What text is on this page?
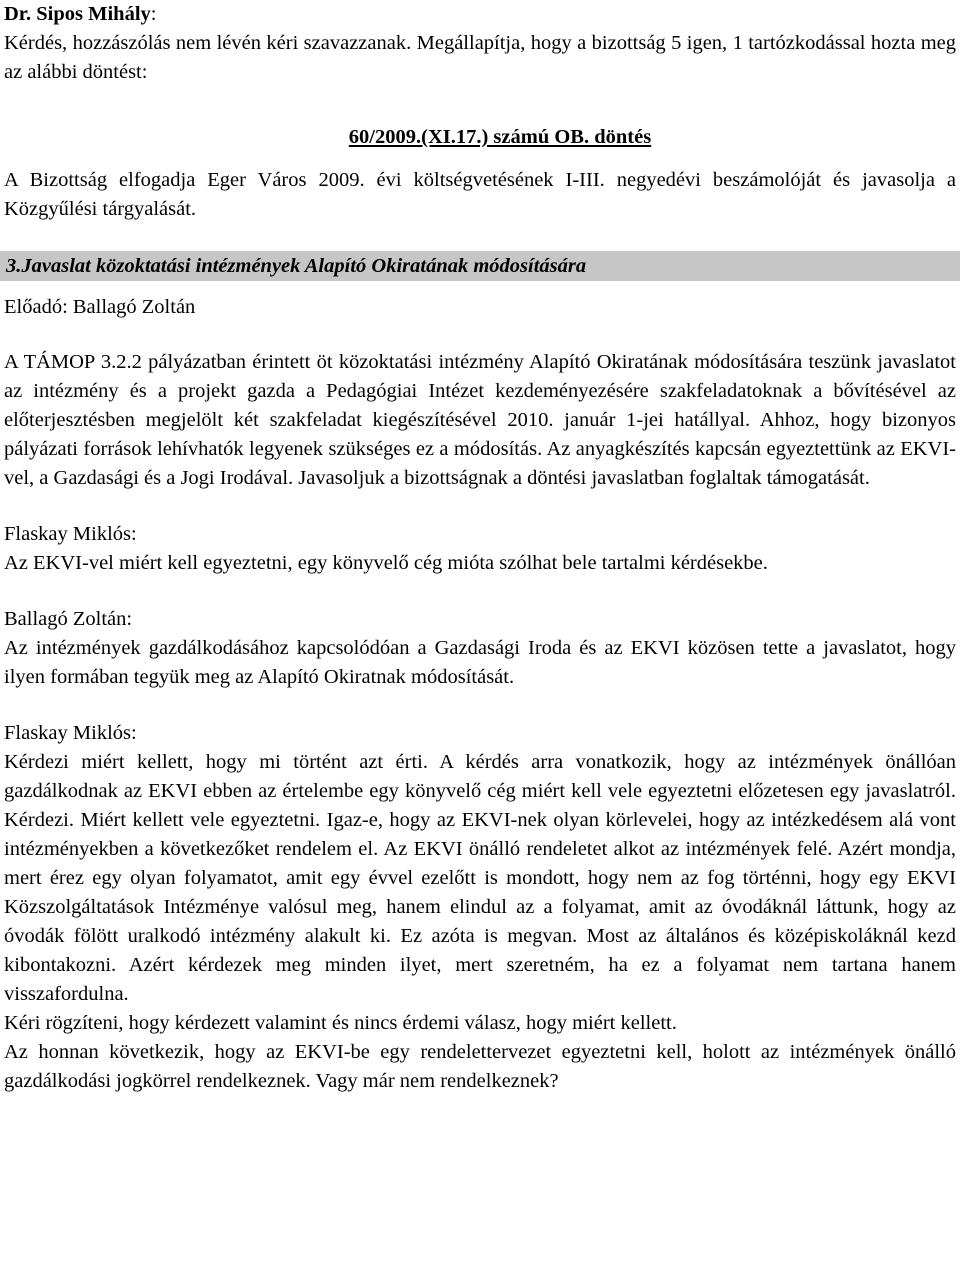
Dr. Sipos Mihály:

Kérdés, hozzászólás nem lévén kéri szavazzanak. Megállapítja, hogy a bizottság 5 igen, 1 tartózkodással hozta meg az alábbi döntést:

60/2009.(XI.17.) számú OB. döntés

A Bizottság elfogadja Eger Város 2009. évi költségvetésének I-III. negyedévi beszámolóját és javasolja a Közgyűlési tárgyalását.

3.Javaslat közoktatási intézmények Alapító Okiratának módosítására

Előadó: Ballagó Zoltán

A TÁMOP 3.2.2 pályázatban érintett öt közoktatási intézmény Alapító Okiratának módosítására teszünk javaslatot az intézmény és a projekt gazda a Pedagógiai Intézet kezdeményezésére szakfeladatoknak a bővítésével az előterjesztésben megjelölt két szakfeladat kiegészítésével 2010. január 1-jei hatállyal. Ahhoz, hogy bizonyos pályázati források lehívhatók legyenek szükséges ez a módosítás. Az anyagkészítés kapcsán egyeztettünk az EKVI-vel, a Gazdasági és a Jogi Irodával. Javasoljuk a bizottságnak a döntési javaslatban foglaltak támogatását.

Flaskay Miklós:

Az EKVI-vel miért kell egyeztetni, egy könyvelő cég mióta szólhat bele tartalmi kérdésekbe.

Ballagó Zoltán:

Az intézmények gazdálkodásához kapcsolódóan a Gazdasági Iroda és az EKVI közösen tette a javaslatot, hogy ilyen formában tegyük meg az Alapító Okiratnak módosítását.

Flaskay Miklós:

Kérdezi miért kellett, hogy mi történt azt érti. A kérdés arra vonatkozik, hogy az intézmények önállóan gazdálkodnak az EKVI ebben az értelembe egy könyvelő cég miért kell vele egyeztetni előzetesen egy javaslatról. Kérdezi. Miért kellett vele egyeztetni. Igaz-e, hogy az EKVI-nek olyan körlevelei, hogy az intézkedésem alá vont intézményekben a következőket rendelem el. Az EKVI önálló rendeletet alkot az intézmények felé. Azért mondja, mert érez egy olyan folyamatot, amit egy évvel ezelőtt is mondott, hogy nem az fog történni, hogy egy EKVI Közszolgáltatások Intézménye valósul meg, hanem elindul az a folyamat, amit az óvodáknál láttunk, hogy az óvodák fölött uralkodó intézmény alakult ki. Ez azóta is megvan. Most az általános és középiskoláknál kezd kibontakozni. Azért kérdezek meg minden ilyet, mert szeretném, ha ez a folyamat nem tartana hanem visszafordulna.

Kéri rögzíteni, hogy kérdezett valamint és nincs érdemi válasz, hogy miért kellett.

Az honnan következik, hogy az EKVI-be egy rendelettervezet egyeztetni kell, holott az intézmények önálló gazdálkodási jogkörrel rendelkeznek. Vagy már nem rendelkeznek?
